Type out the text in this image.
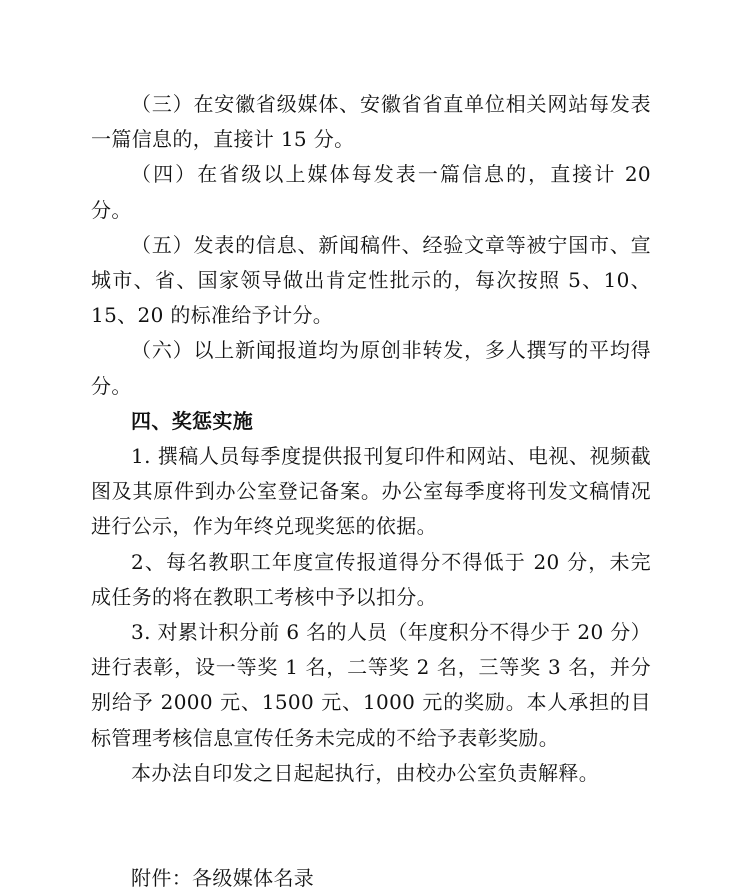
（三）在安徽省级媒体、安徽省省直单位相关网站每发表一篇信息的，直接计 15 分。

（四）在省级以上媒体每发表一篇信息的，直接计 20 分。

（五）发表的信息、新闻稿件、经验文章等被宁国市、宣城市、省、国家领导做出肯定性批示的，每次按照 5、10、15、20 的标准给予计分。

（六）以上新闻报道均为原创非转发，多人撰写的平均得分。

四、奖惩实施

1. 撰稿人员每季度提供报刊复印件和网站、电视、视频截图及其原件到办公室登记备案。办公室每季度将刊发文稿情况进行公示，作为年终兑现奖惩的依据。

2、每名教职工年度宣传报道得分不得低于 20 分，未完成任务的将在教职工考核中予以扣分。

3. 对累计积分前 6 名的人员（年度积分不得少于 20 分）进行表彰，设一等奖 1 名，二等奖 2 名，三等奖 3 名，并分别给予 2000 元、1500 元、1000 元的奖励。本人承担的目标管理考核信息宣传任务未完成的不给予表彰奖励。

本办法自印发之日起起执行，由校办公室负责解释。

附件：各级媒体名录
